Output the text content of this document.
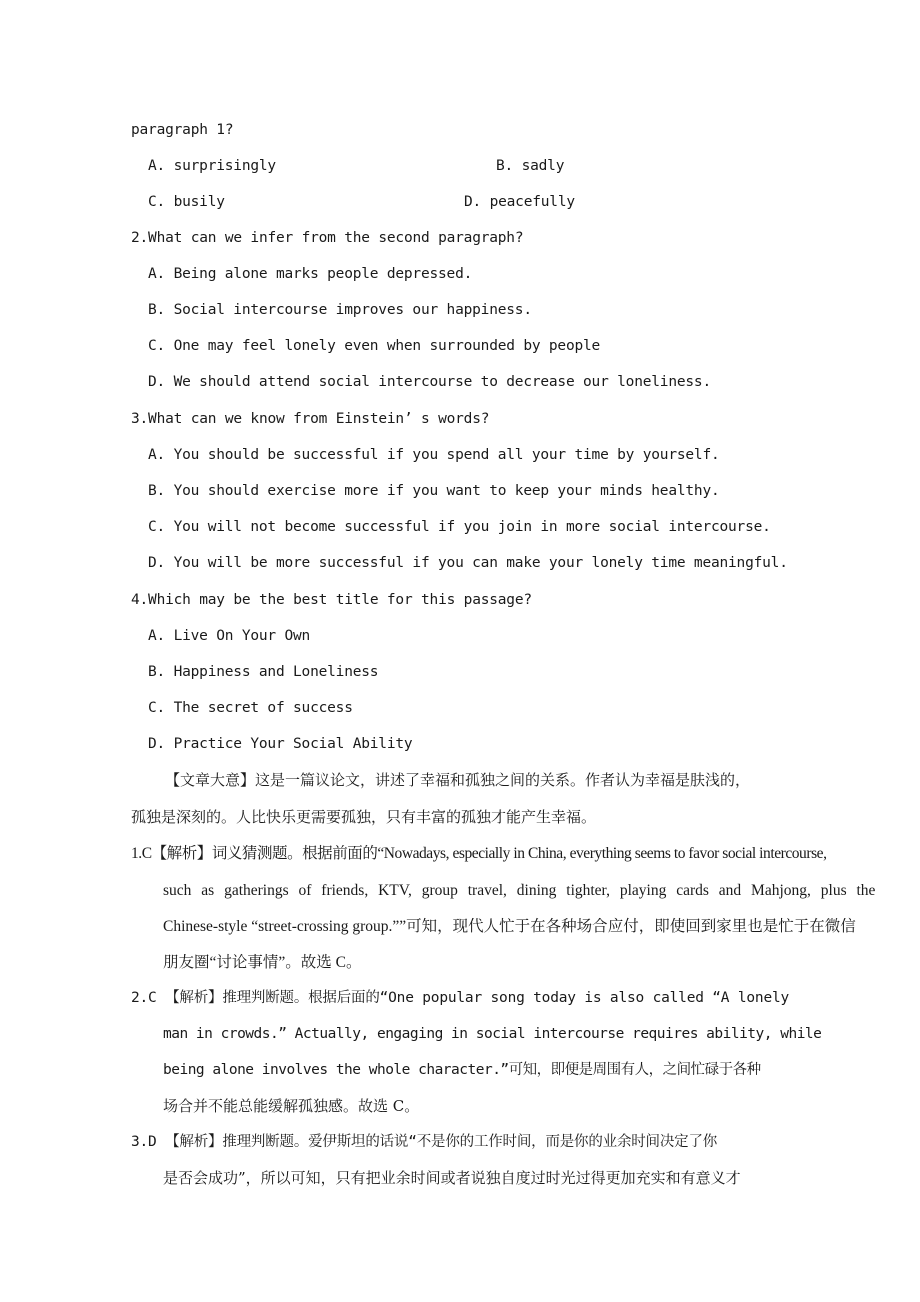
paragraph 1?
A. surprisingly	B. sadly
C. busily	D. peacefully
2.What can we infer from the second paragraph?
A. Being alone marks people depressed.
B. Social intercourse improves our happiness.
C. One may feel lonely even when surrounded by people
D. We should attend social intercourse to decrease our loneliness.
3.What can we know from Einstein’ s words?
A. You should be successful if you spend all your time by yourself.
B. You should exercise more if you want to keep your minds healthy.
C. You will not become successful if you join in more social intercourse.
D. You will be more successful if you can make your lonely time meaningful.
4.Which may be the best title for this passage?
A. Live On Your Own
B. Happiness and Loneliness
C. The secret of success
D. Practice Your Social Ability
【文章大意】这是一篇议论文，讲述了幸福和孤独之间的关系。作者认为幸福是肤浅的，
孤独是深刻的。人比快乐更需要孤独，只有丰富的孤独才能产生幸福。
1.C【解析】词义猜测题。根据前面的“Nowadays, especially in China, everything seems to favor social intercourse,
such as gatherings of friends, KTV, group travel, dining tighter, playing cards and Mahjong, plus the
Chinese-style “street-crossing group.””可知，现代人忙于在各种场合应付，即使回到家里也是忙于在微信
朋友圈“讨论事情”。故选 C。
2.C 【解析】推理判断题。根据后面的“One popular song today is also called “A lonely
man in crowds.” Actually, engaging in social intercourse requires ability, while
being alone involves the whole character.”可知，即便是周围有人，之间忙碌于各种
场合并不能总能缓解孤独感。故选 C。
3.D 【解析】推理判断题。爱伊斯坦的话说“不是你的工作时间，而是你的业余时间决定了你
是否会成功”，所以可知，只有把业余时间或者说独自度过时光过得更加充实和有意义才
